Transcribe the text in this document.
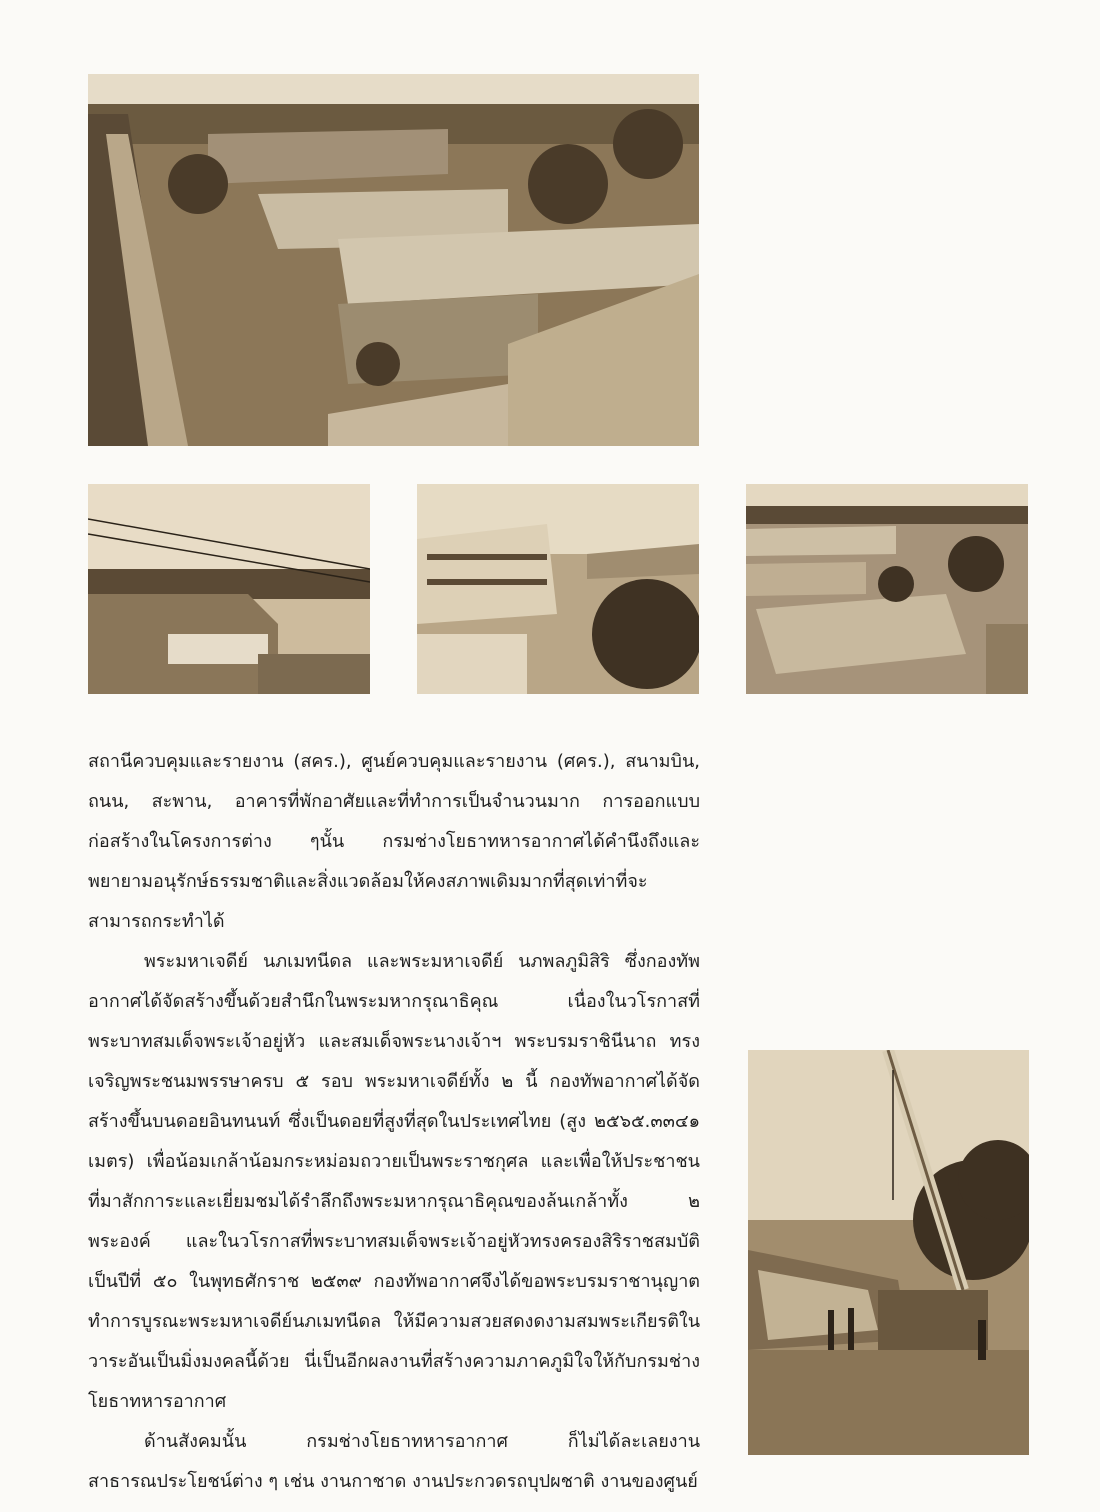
สถานีควบคุมและรายงาน (สคร.), ศูนย์ควบคุมและรายงาน (ศคร.), สนามบิน, ถนน, สะพาน, อาคารที่พักอาศัยและที่ทำการเป็นจำนวนมาก การออกแบบก่อสร้างในโครงการต่าง ๆนั้น กรมช่างโยธาทหารอากาศได้คำนึงถึงและพยายามอนุรักษ์ธรรมชาติและสิ่งแวดล้อมให้คงสภาพเดิมมากที่สุดเท่าที่จะสามารถกระทำได้

พระมหาเจดีย์ นภเมทนีดล และพระมหาเจดีย์ นภพลภูมิสิริ ซึ่งกองทัพอากาศได้จัดสร้างขึ้นด้วยสำนึกในพระมหากรุณาธิคุณ เนื่องในวโรกาสที่พระบาทสมเด็จพระเจ้าอยู่หัว และสมเด็จพระนางเจ้าฯ พระบรมราชินีนาถ ทรงเจริญพระชนมพรรษาครบ ๕ รอบ พระมหาเจดีย์ทั้ง ๒ นี้ กองทัพอากาศได้จัดสร้างขึ้นบนดอยอินทนนท์ ซึ่งเป็นดอยที่สูงที่สุดในประเทศไทย (สูง ๒๕๖๕.๓๓๔๑ เมตร) เพื่อน้อมเกล้าน้อมกระหม่อมถวายเป็นพระราชกุศล และเพื่อให้ประชาชนที่มาสักการะและเยี่ยมชมได้รำลึกถึงพระมหากรุณาธิคุณของล้นเกล้าทั้ง ๒ พระองค์ และในวโรกาสที่พระบาทสมเด็จพระเจ้าอยู่หัวทรงครองสิริราชสมบัติเป็นปีที่ ๕๐ ในพุทธศักราช ๒๕๓๙ กองทัพอากาศจึงได้ขอพระบรมราชานุญาตทำการบูรณะพระมหาเจดีย์นภเมทนีดล ให้มีความสวยสดงดงามสมพระเกียรติในวาระอันเป็นมิ่งมงคลนี้ด้วย นี่เป็นอีกผลงานที่สร้างความภาคภูมิใจให้กับกรมช่างโยธาทหารอากาศ

ด้านสังคมนั้น กรมช่างโยธาทหารอากาศ ก็ไม่ได้ละเลยงานสาธารณประโยชน์ต่าง ๆ เช่น งานกาชาด งานประกวดรถบุปผชาติ งานของศูนย์
